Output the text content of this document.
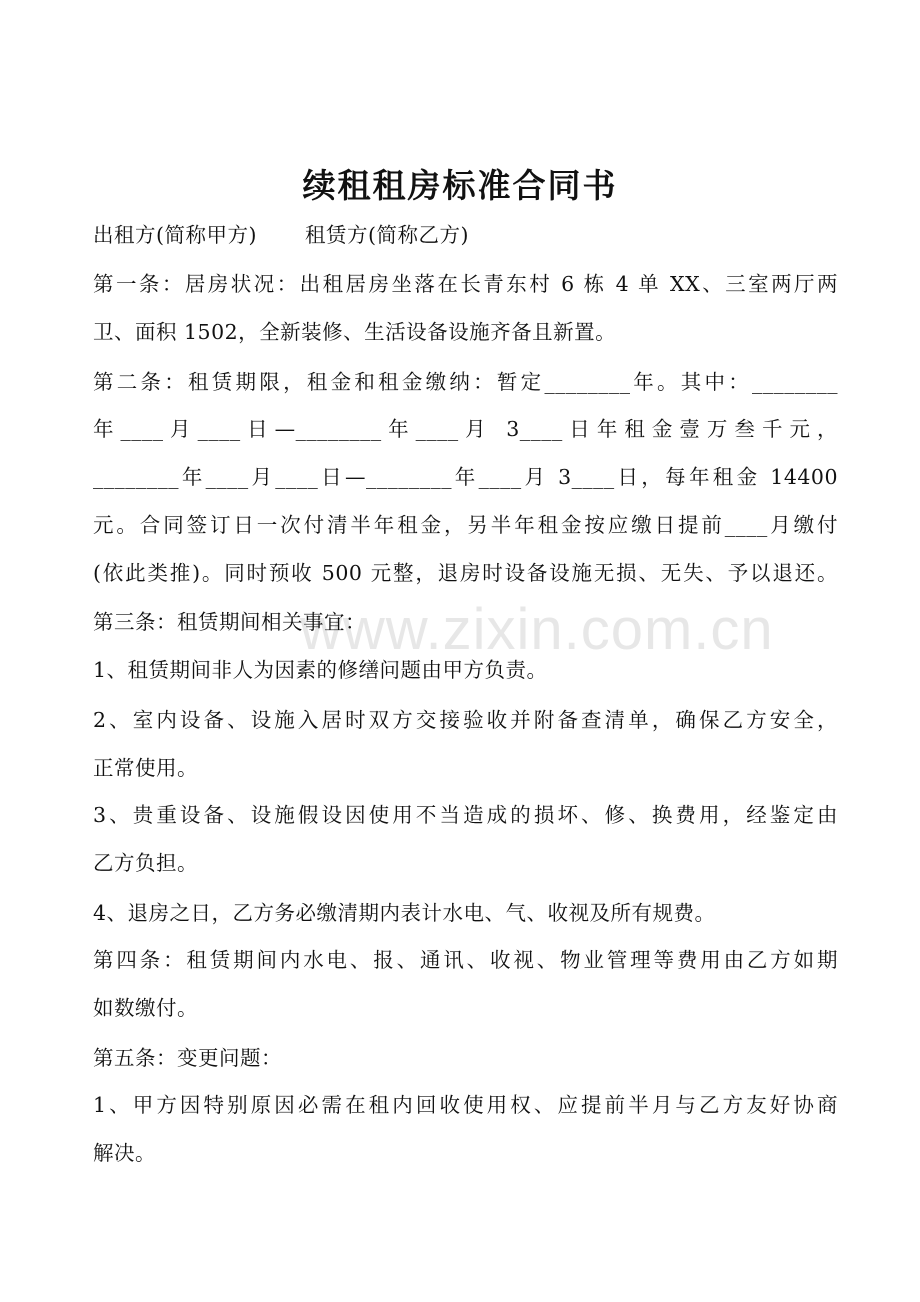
www.zixin.com.cn
续租租房标准合同书
出租方(简称甲方) 租赁方(简称乙方)
第一条：居房状况：出租居房坐落在长青东村 6 栋 4 单 XX、三室两厅两
卫、面积 1502，全新装修、生活设备设施齐备且新置。
第二条：租赁期限，租金和租金缴纳：暂定________年。其中：________
年____月____日—________年____月 3____日年租金壹万叁千元，
________年____月____日—________年____月 3____日，每年租金 14400
元。合同签订日一次付清半年租金，另半年租金按应缴日提前____月缴付
(依此类推)。同时预收 500 元整，退房时设备设施无损、无失、予以退还。
第三条：租赁期间相关事宜：
1、租赁期间非人为因素的修缮问题由甲方负责。
2、室内设备、设施入居时双方交接验收并附备查清单，确保乙方安全，
正常使用。
3、贵重设备、设施假设因使用不当造成的损坏、修、换费用，经鉴定由
乙方负担。
4、退房之日，乙方务必缴清期内表计水电、气、收视及所有规费。
第四条：租赁期间内水电、报、通讯、收视、物业管理等费用由乙方如期
如数缴付。
第五条：变更问题：
1、甲方因特别原因必需在租内回收使用权、应提前半月与乙方友好协商
解决。
